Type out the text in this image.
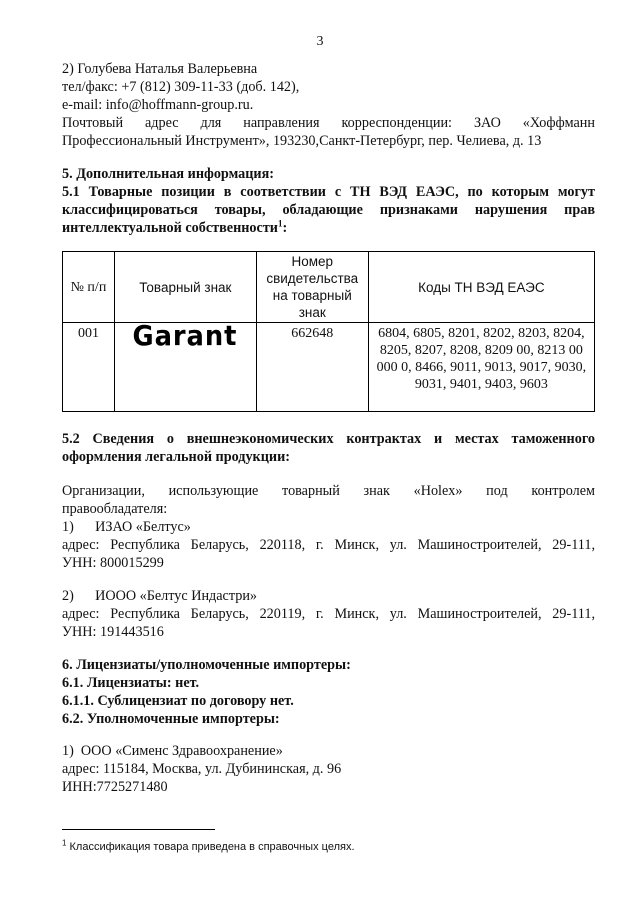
3
2) Голубева Наталья Валерьевна
тел/факс: +7 (812) 309-11-33 (доб. 142),
e-mail: info@hoffmann-group.ru.
Почтовый адрес для направления корреспонденции: ЗАО «Хоффманн
Профессиональный Инструмент», 193230,Санкт-Петербург, пер. Челиева, д. 13
5. Дополнительная информация:
5.1 Товарные позиции в соответствии с ТН ВЭД ЕАЭС, по которым могут
классифицироваться товары, обладающие признаками нарушения прав
интеллектуальной собственности$^1$:
№ п/п	Товарный знак	Номер свидетельства на товарный знак	Коды ТН ВЭД ЕАЭС
001	Garant	662648	6804, 6805, 8201, 8202, 8203, 8204, 8205, 8207, 8208, 8209 00, 8213 00 000 0, 8466, 9011, 9013, 9017, 9030, 9031, 9401, 9403, 9603
5.2 Сведения о внешнеэкономических контрактах и местах таможенного
оформления легальной продукции:
Организации, использующие товарный знак «Holex» под контролем
правообладателя:
1)      ИЗАО «Белтус»
адрес: Республика Беларусь, 220118, г. Минск, ул. Машиностроителей, 29-111,
УНН: 800015299
2)      ИООО «Белтус Индастри»
адрес: Республика Беларусь, 220119, г. Минск, ул. Машиностроителей, 29-111,
УНН: 191443516
6. Лицензиаты/уполномоченные импортеры:
6.1. Лицензиаты: нет.
6.1.1. Сублицензиат по договору нет.
6.2. Уполномоченные импортеры:
1)  ООО «Сименс Здравоохранение»
адрес: 115184, Москва, ул. Дубининская, д. 96
ИНН:7725271480
$^1$ Классификация товара приведена в справочных целях.
